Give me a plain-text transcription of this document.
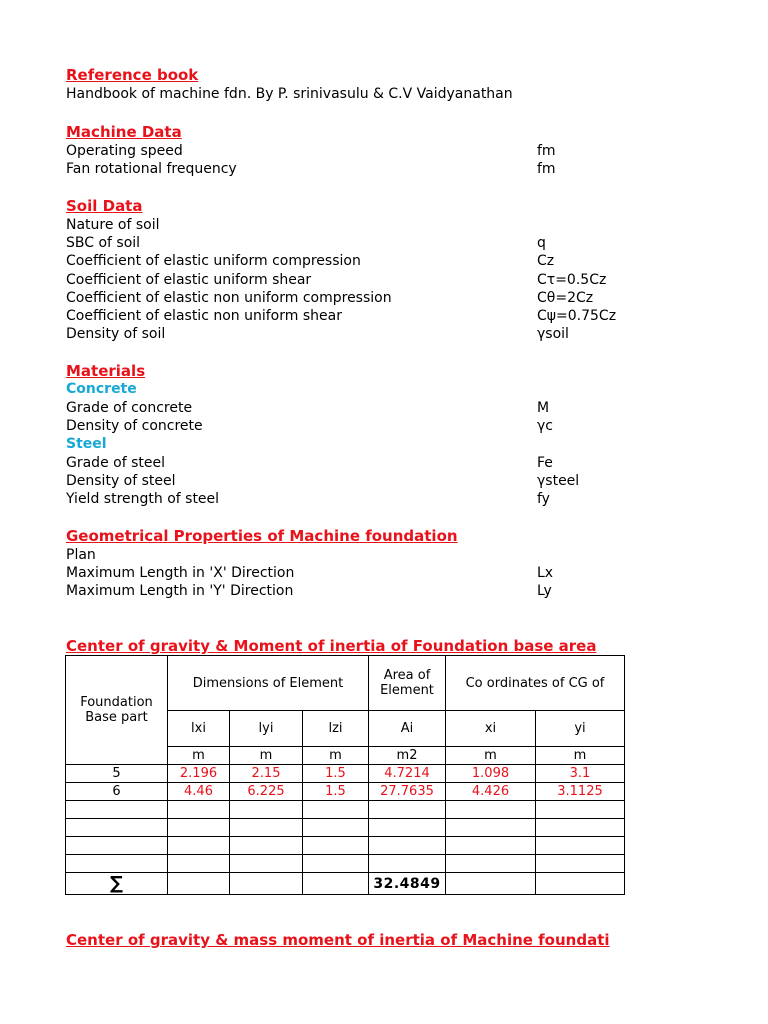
Reference book
Handbook of machine fdn. By P. srinivasulu & C.V Vaidyanathan
Machine Data
Operating speed	fm
Fan rotational frequency	fm
Soil Data
Nature of soil
SBC of soil	q
Coefficient of elastic uniform compression	Cz
Coefficient of elastic uniform shear	Cτ=0.5Cz
Coefficient of elastic non uniform compression	Cθ=2Cz
Coefficient of elastic non uniform shear	Cψ=0.75Cz
Density of soil	γsoil
Materials
Concrete
Grade of concrete	M
Density of concrete	γc
Steel
Grade of steel	Fe
Density of steel	γsteel
Yield strength of steel	fy
Geometrical Properties of Machine foundation
Plan
Maximum Length in 'X' Direction	Lx
Maximum Length in 'Y' Direction	Ly
Center of gravity & Moment of inertia of Foundation base area
Foundation Base part	Dimensions of Element			Area of Element	Co ordinates of CG of	
	lxi	lyi	lzi	Ai	xi	yi
	m	m	m	m2	m	m
5	2.196	2.15	1.5	4.7214	1.098	3.1
6	4.46	6.225	1.5	27.7635	4.426	3.1125

∑				32.4849		
Center of gravity & mass moment of inertia of Machine foundati
